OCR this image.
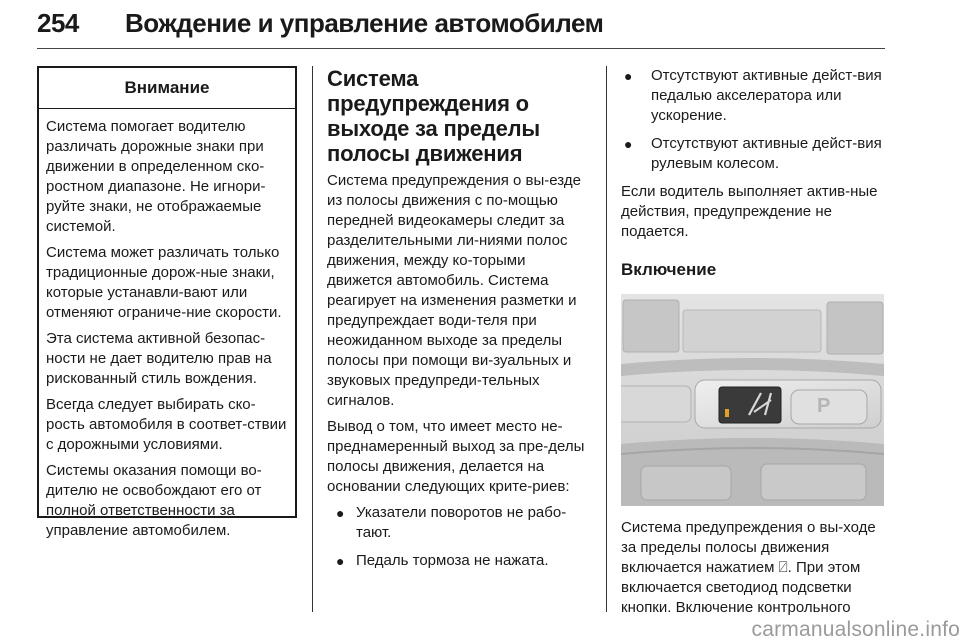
254 Вождение и управление автомобилем
Внимание

Система помогает водителю различать дорожные знаки при движении в определенном ско-ростном диапазоне. Не игнори-руйте знаки, не отображаемые системой.

Система может различать только традиционные дорож-ные знаки, которые устанавли-вают или отменяют ограниче-ние скорости.

Эта система активной безопас-ности не дает водителю прав на рискованный стиль вождения.

Всегда следует выбирать ско-рость автомобиля в соответ-ствии с дорожными условиями.

Системы оказания помощи во-дителю не освобождают его от полной ответственности за управление автомобилем.

Система предупреждения о выходе за пределы полосы движения

Система предупреждения о вы-езде из полосы движения с по-мощью передней видеокамеры следит за разделительными ли-ниями полос движения, между ко-торыми движется автомобиль. Система реагирует на изменения разметки и предупреждает води-теля при неожиданном выходе за пределы полосы при помощи ви-зуальных и звуковых предупреди-тельных сигналов.

Вывод о том, что имеет место не-преднамеренный выход за пре-делы полосы движения, делается на основании следующих крите-риев:

● Указатели поворотов не рабо-тают.
● Педаль тормоза не нажата.
● Отсутствуют активные дейст-вия педалью акселератора или ускорение.
● Отсутствуют активные дейст-вия рулевым колесом.

Если водитель выполняет актив-ные действия, предупреждение не подается.

Включение
P

Система предупреждения о вы-ходе за пределы полосы движения включается нажатием ⍁. При этом включается светодиод подсветки кнопки. Включение контрольного

carmanualsonline.info
